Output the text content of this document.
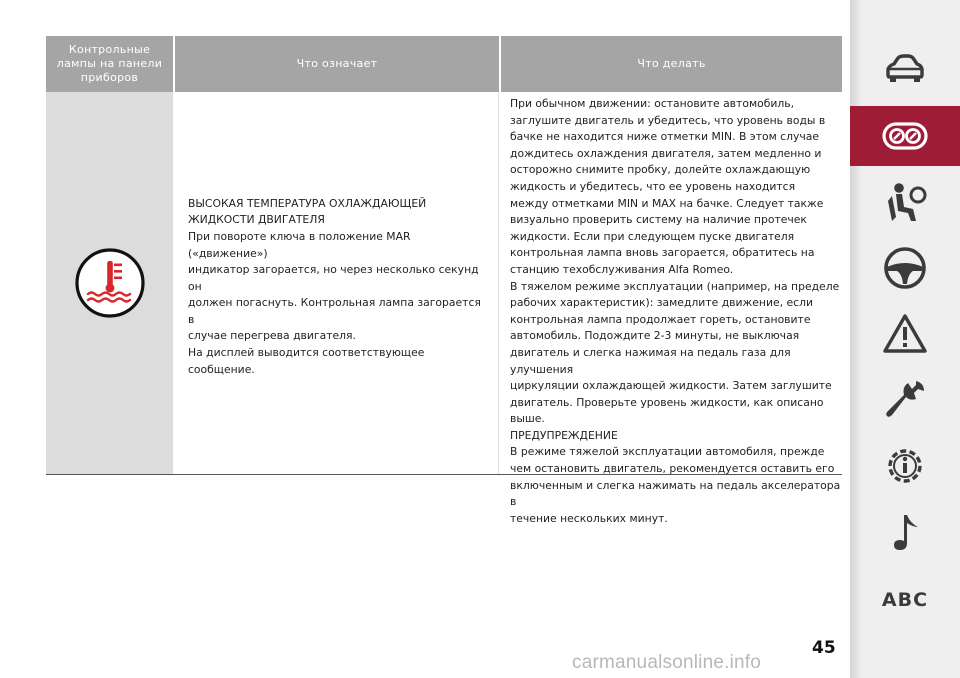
Контрольные лампы на панели приборов
Что означает	Что делать
ВЫСОКАЯ ТЕМПЕРАТУРА ОХЛАЖДАЮЩЕЙ
ЖИДКОСТИ ДВИГАТЕЛЯ
При повороте ключа в положение MAR («движение»)
индикатор загорается, но через несколько секунд он
должен погаснуть. Контрольная лампа загорается в
случае перегрева двигателя.
На дисплей выводится соответствующее сообщение.
При обычном движении: остановите автомобиль,
заглушите двигатель и убедитесь, что уровень воды в
бачке не находится ниже отметки MIN. В этом случае
дождитесь охлаждения двигателя, затем медленно и
осторожно снимите пробку, долейте охлаждающую
жидкость и убедитесь, что ее уровень находится
между отметками MIN и MAX на бачке. Следует также
визуально проверить систему на наличие протечек
жидкости. Если при следующем пуске двигателя
контрольная лампа вновь загорается, обратитесь на
станцию техобслуживания Alfa Romeo.
В тяжелом режиме эксплуатации (например, на пределе
рабочих характеристик): замедлите движение, если
контрольная лампа продолжает гореть, остановите
автомобиль. Подождите 2-3 минуты, не выключая
двигатель и слегка нажимая на педаль газа для улучшения
циркуляции охлаждающей жидкости. Затем заглушите
двигатель. Проверьте уровень жидкости, как описано
выше.
ПРЕДУПРЕЖДЕНИЕ
В режиме тяжелой эксплуатации автомобиля, прежде
чем остановить двигатель, рекомендуется оставить его
включенным и слегка нажимать на педаль акселератора в
течение нескольких минут.
45
carmanualsonline.info
ABC
